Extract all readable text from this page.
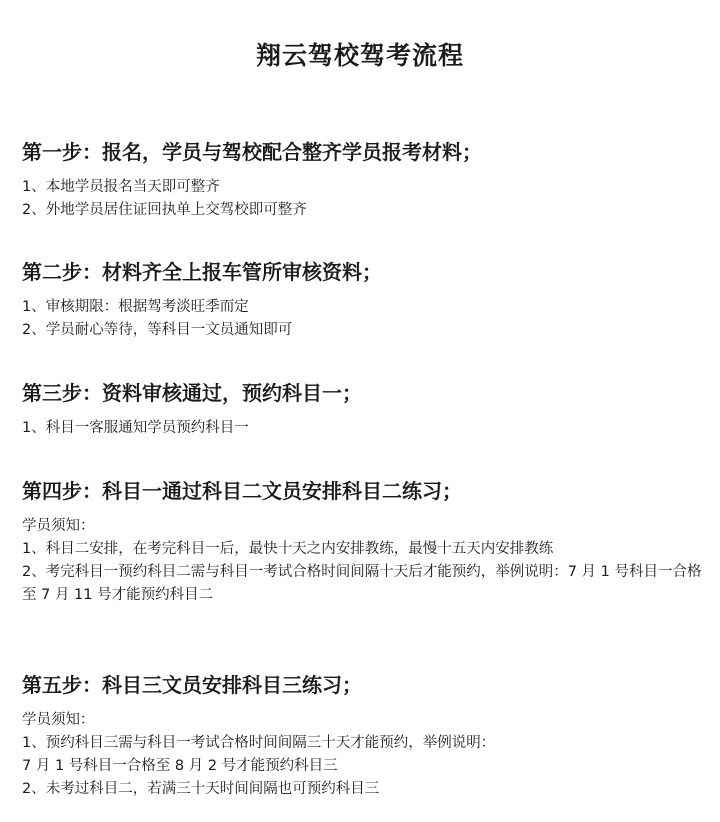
翔云驾校驾考流程
第一步：报名，学员与驾校配合整齐学员报考材料；

1、本地学员报名当天即可整齐

2、外地学员居住证回执单上交驾校即可整齐

第二步：材料齐全上报车管所审核资料；

1、审核期限：根据驾考淡旺季而定

2、学员耐心等待，等科目一文员通知即可

第三步：资料审核通过，预约科目一；

1、科目一客服通知学员预约科目一

第四步：科目一通过科目二文员安排科目二练习；

学员须知：

1、科目二安排，在考完科目一后，最快十天之内安排教练，最慢十五天内安排教练

2、考完科目一预约科目二需与科目一考试合格时间间隔十天后才能预约，举例说明：7 月 1 号科目一合格至 7 月 11 号才能预约科目二

第五步：科目三文员安排科目三练习；

学员须知：

1、预约科目三需与科目一考试合格时间间隔三十天才能预约，举例说明：

7 月 1 号科目一合格至 8 月 2 号才能预约科目三

2、未考过科目二，若满三十天时间间隔也可预约科目三
